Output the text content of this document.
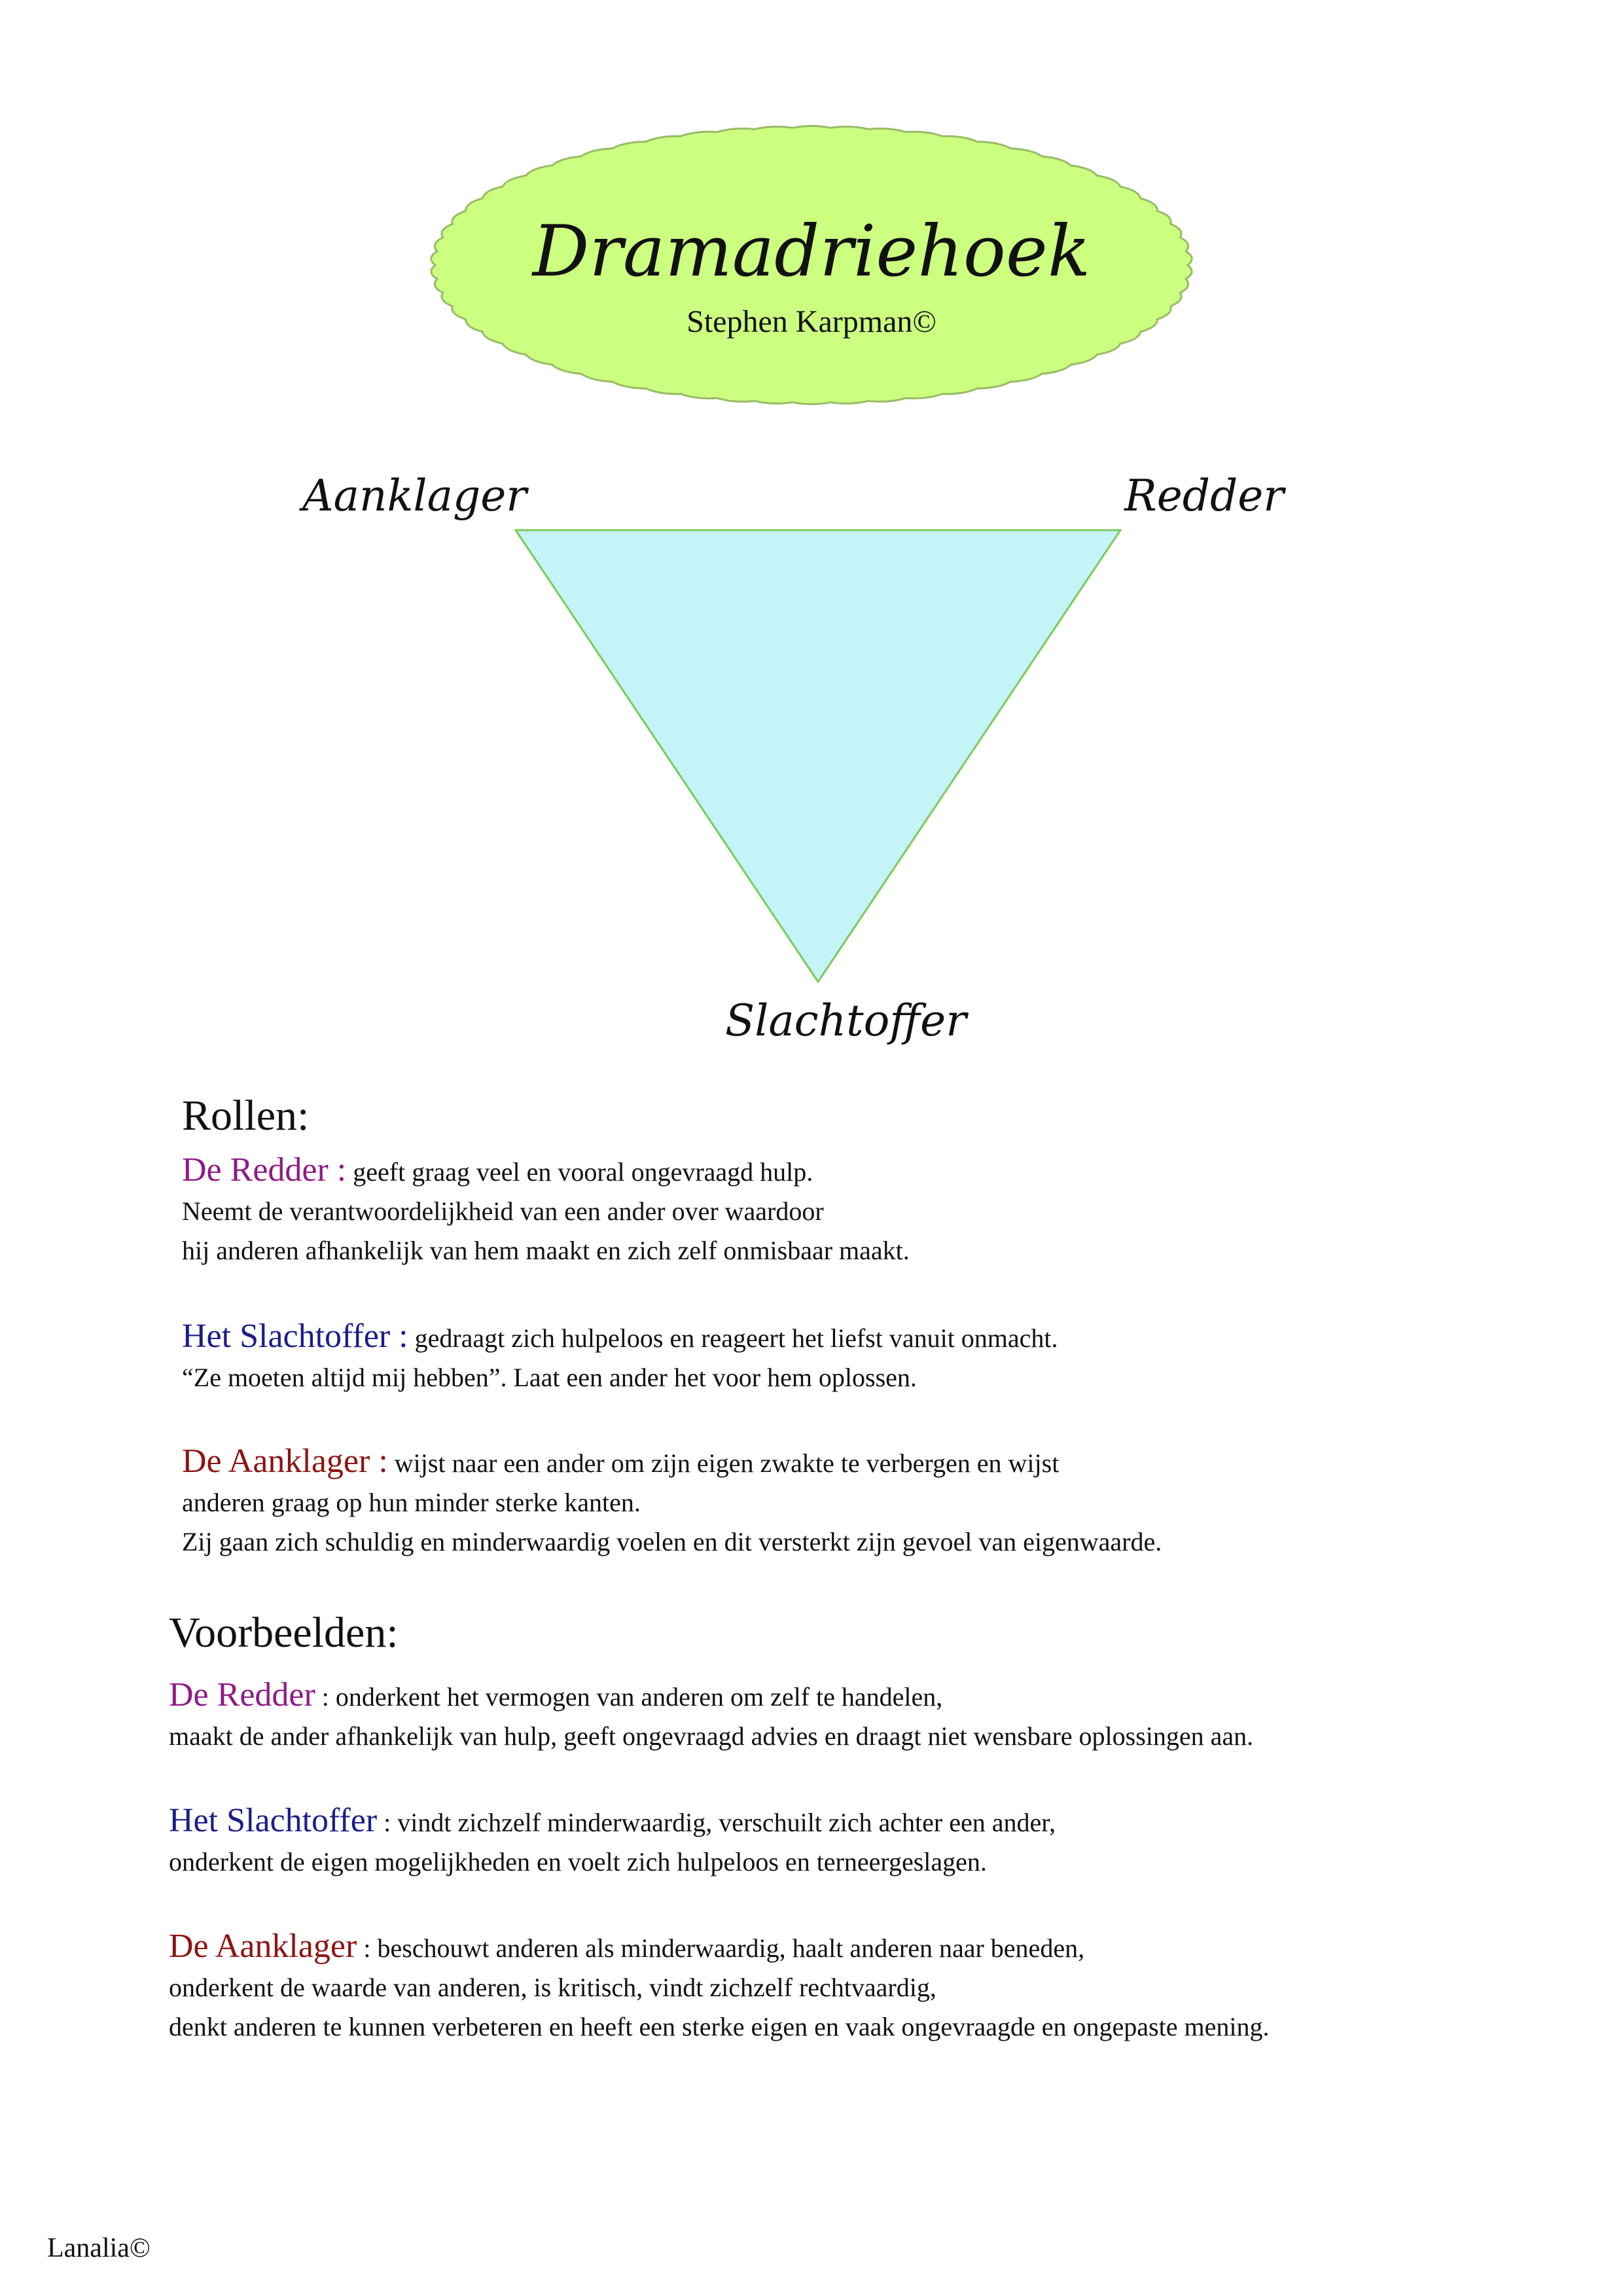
Dramadriehoek
Stephen Karpman©
Aanklager	Redder
Slachtoffer
Rollen:
De Redder : geeft graag veel en vooral ongevraagd hulp.
Neemt de verantwoordelijkheid van een ander over waardoor
hij anderen afhankelijk van hem maakt en zich zelf onmisbaar maakt.
Het Slachtoffer : gedraagt zich hulpeloos en reageert het liefst vanuit onmacht.
“Ze moeten altijd mij hebben”. Laat een ander het voor hem oplossen.
De Aanklager : wijst naar een ander om zijn eigen zwakte te verbergen en wijst
anderen graag op hun minder sterke kanten.
Zij gaan zich schuldig en minderwaardig voelen en dit versterkt zijn gevoel van eigenwaarde.
Voorbeelden:
De Redder : onderkent het vermogen van anderen om zelf te handelen,
maakt de ander afhankelijk van hulp, geeft ongevraagd advies en draagt niet wensbare oplossingen aan.
Het Slachtoffer : vindt zichzelf minderwaardig, verschuilt zich achter een ander,
onderkent de eigen mogelijkheden en voelt zich hulpeloos en terneergeslagen.
De Aanklager : beschouwt anderen als minderwaardig, haalt anderen naar beneden,
onderkent de waarde van anderen, is kritisch, vindt zichzelf rechtvaardig,
denkt anderen te kunnen verbeteren en heeft een sterke eigen en vaak ongevraagde en ongepaste mening.
Lanalia©
